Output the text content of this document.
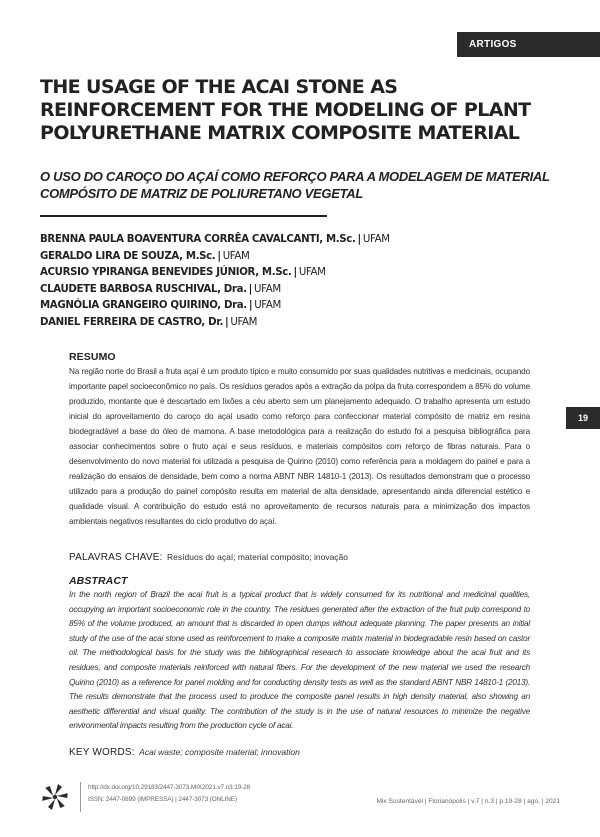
ARTIGOS
19
THE USAGE OF THE ACAI STONE AS REINFORCEMENT FOR THE MODELING OF PLANT POLYURETHANE MATRIX COMPOSITE MATERIAL
O USO DO CAROÇO DO AÇAÍ COMO REFORÇO PARA A MODELAGEM DE MATERIAL COMPÓSITO DE MATRIZ DE POLIURETANO VEGETAL
BRENNA PAULA BOAVENTURA CORRÊA CAVALCANTI, M.Sc. | UFAM
GERALDO LIRA DE SOUZA, M.Sc. | UFAM
ACURSIO YPIRANGA BENEVIDES JÚNIOR, M.Sc. | UFAM
CLAUDETE BARBOSA RUSCHIVAL, Dra. | UFAM
MAGNÓLIA GRANGEIRO QUIRINO, Dra. | UFAM
DANIEL FERREIRA DE CASTRO, Dr. | UFAM
RESUMO

Na região norte do Brasil a fruta açaí é um produto típico e muito consumido por suas qualidades nutritivas e medicinais, ocupando importante papel socioeconômico no país. Os resíduos gerados após a extração da polpa da fruta correspondem a 85% do volume produzido, montante que é descartado em lixões a céu aberto sem um planejamento adequado. O trabalho apresenta um estudo inicial do aproveitamento do caroço do açaí usado como reforço para confeccionar material compósito de matriz em resina biodegradável a base do óleo de mamona. A base metodológica para a realização do estudo foi a pesquisa bibliográfica para associar conhecimentos sobre o fruto açaí e seus resíduos, e materiais compósitos com reforço de fibras naturais. Para o desenvolvimento do novo material foi utilizada a pesquisa de Quirino (2010) como referência para a moldagem do painel e para a realização do ensaios de densidade, bem como a norma ABNT NBR 14810-1 (2013). Os resultados demonstram que o processo utilizado para a produção do painel compósito resulta em material de alta densidade, apresentando ainda diferencial estético e qualidade visual. A contribuição do estudo está no aproveitamento de recursos naturais para a minimização dos impactos ambientais negativos resultantes do ciclo produtivo do açaí.

PALAVRAS CHAVE: Resíduos do açaí; material compósito; inovação
ABSTRACT

In the north region of Brazil the acai fruit is a typical product that is widely consumed for its nutritional and medicinal qualities, occupying an important socioeconomic role in the country. The residues generated after the extraction of the fruit pulp correspond to 85% of the volume produced, an amount that is discarded in open dumps without adequate planning. The paper presents an initial study of the use of the acai stone used as reinforcement to make a composite matrix material in biodegradable resin based on castor oil. The methodological basis for the study was the bibliographical research to associate knowledge about the acai fruit and its residues, and composite materials reinforced with natural fibers. For the development of the new material we used the research Quirino (2010) as a reference for panel molding and for conducting density tests as well as the standard ABNT NBR 14810-1 (2013). The results demonstrate that the process used to produce the composite panel results in high density material, also showing an aesthetic differential and visual quality. The contribution of the study is in the use of natural resources to minimize the negative environmental impacts resulting from the production cycle of acai.

KEY WORDS: Acai waste; composite material; innovation
http://dx.doi.org/10.29183/2447-3073.MIX2021.v7.n3.19-28
ISSN: 2447-0899 (IMPRESSA) | 2447-3073 (ONLINE)	Mix Sustentável | Florianópolis | v.7 | n.3 | p.19-28 | ago. | 2021
